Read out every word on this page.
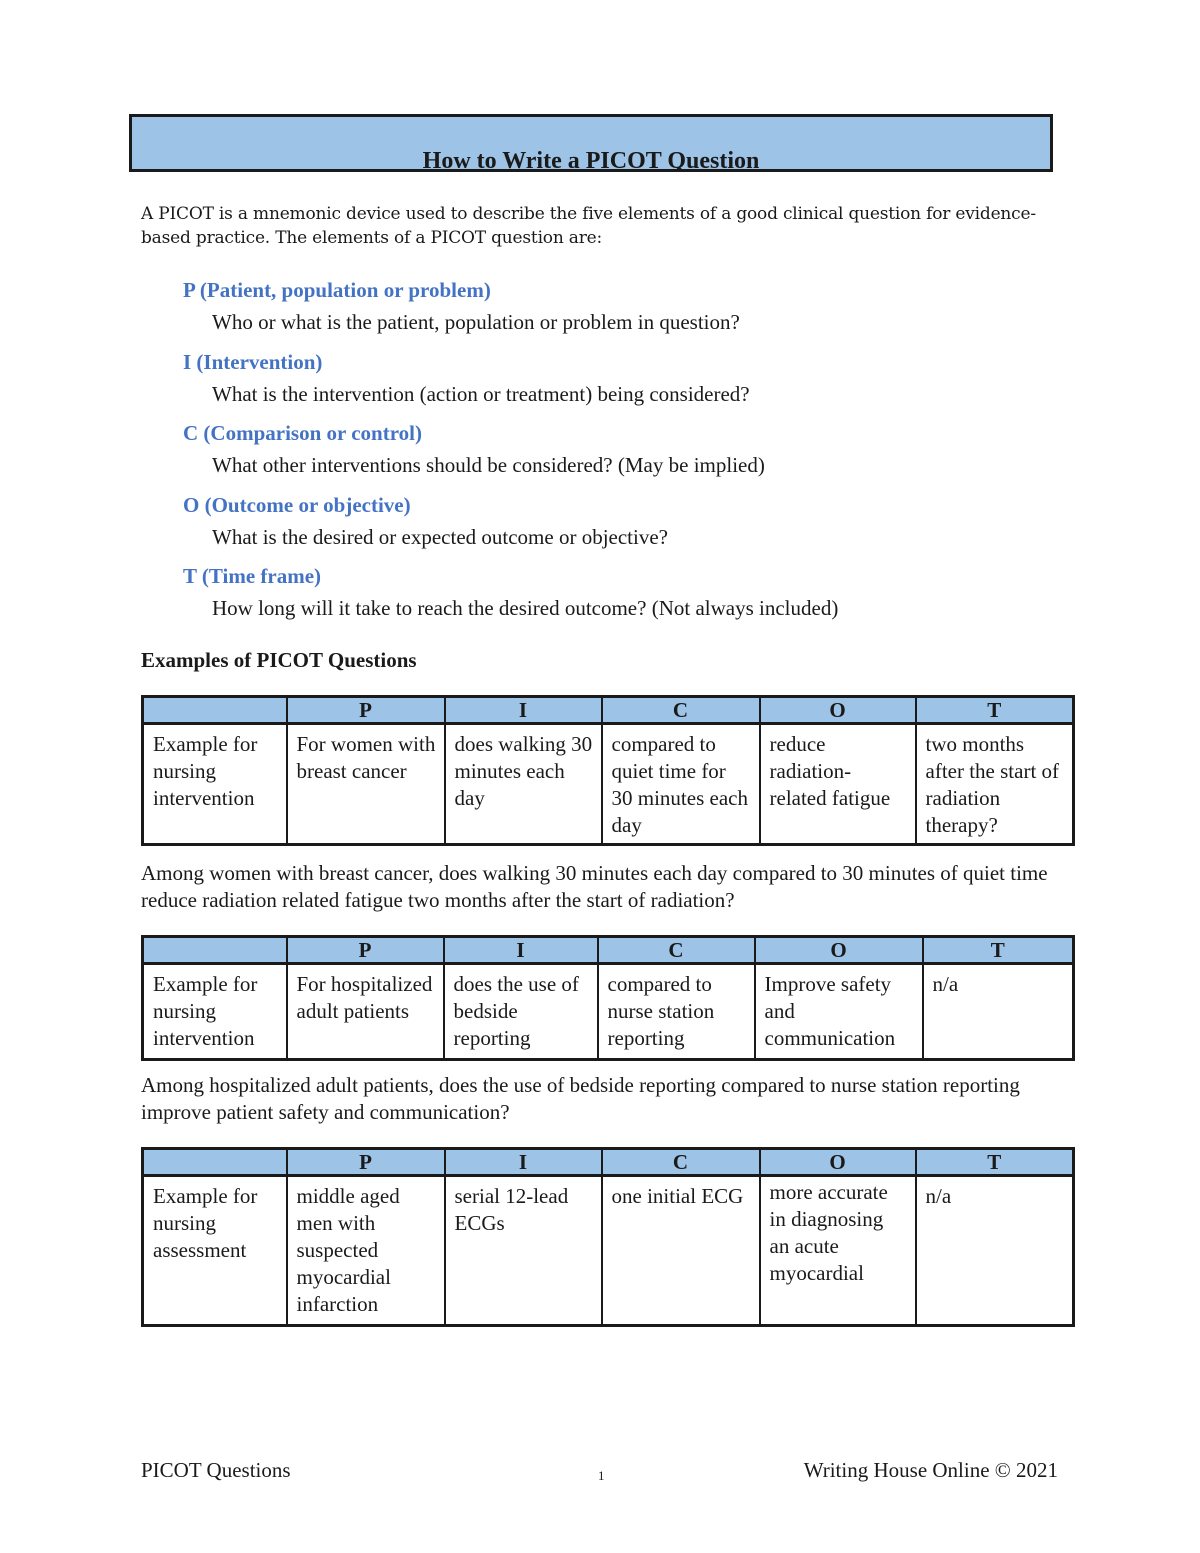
How to Write a PICOT Question

A PICOT is a mnemonic device used to describe the five elements of a good clinical question for evidence-based practice. The elements of a PICOT question are:

P (Patient, population or problem)

Who or what is the patient, population or problem in question?

I (Intervention)

What is the intervention (action or treatment) being considered?

C (Comparison or control)

What other interventions should be considered? (May be implied)

O (Outcome or objective)

What is the desired or expected outcome or objective?

T (Time frame)

How long will it take to reach the desired outcome? (Not always included)

Examples of PICOT Questions

	P	I	C	O	T
Example for nursing intervention	For women with breast cancer	does walking 30 minutes each day	compared to quiet time for 30 minutes each day	reduce radiation-related fatigue	two months after the start of radiation therapy?

Among women with breast cancer, does walking 30 minutes each day compared to 30 minutes of quiet time reduce radiation related fatigue two months after the start of radiation?

	P	I	C	O	T
Example for nursing intervention	For hospitalized adult patients	does the use of bedside reporting	compared to nurse station reporting	Improve safety and communication	n/a

Among hospitalized adult patients, does the use of bedside reporting compared to nurse station reporting improve patient safety and communication?

	P	I	C	O	T
Example for nursing assessment	middle aged men with suspected myocardial infarction	serial 12-lead ECGs	one initial ECG	more accurate in diagnosing an acute myocardial	n/a
PICOT Questions	1	Writing House Online © 2021
